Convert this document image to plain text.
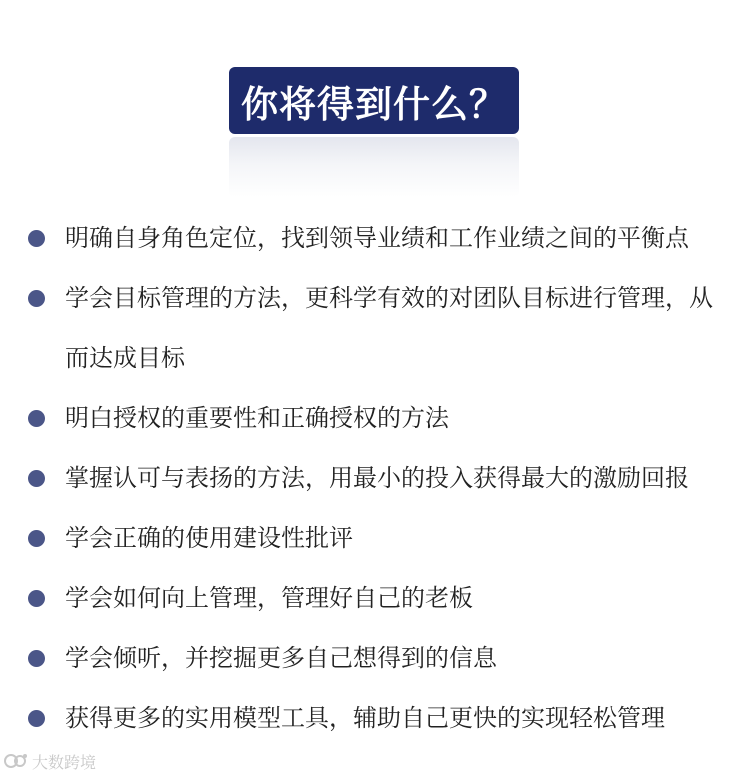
你将得到什么？
明确自身角色定位，找到领导业绩和工作业绩之间的平衡点
学会目标管理的方法，更科学有效的对团队目标进行管理，从而达成目标
明白授权的重要性和正确授权的方法
掌握认可与表扬的方法，用最小的投入获得最大的激励回报
学会正确的使用建设性批评
学会如何向上管理，管理好自己的老板
学会倾听，并挖掘更多自己想得到的信息
获得更多的实用模型工具，辅助自己更快的实现轻松管理
大数跨境
